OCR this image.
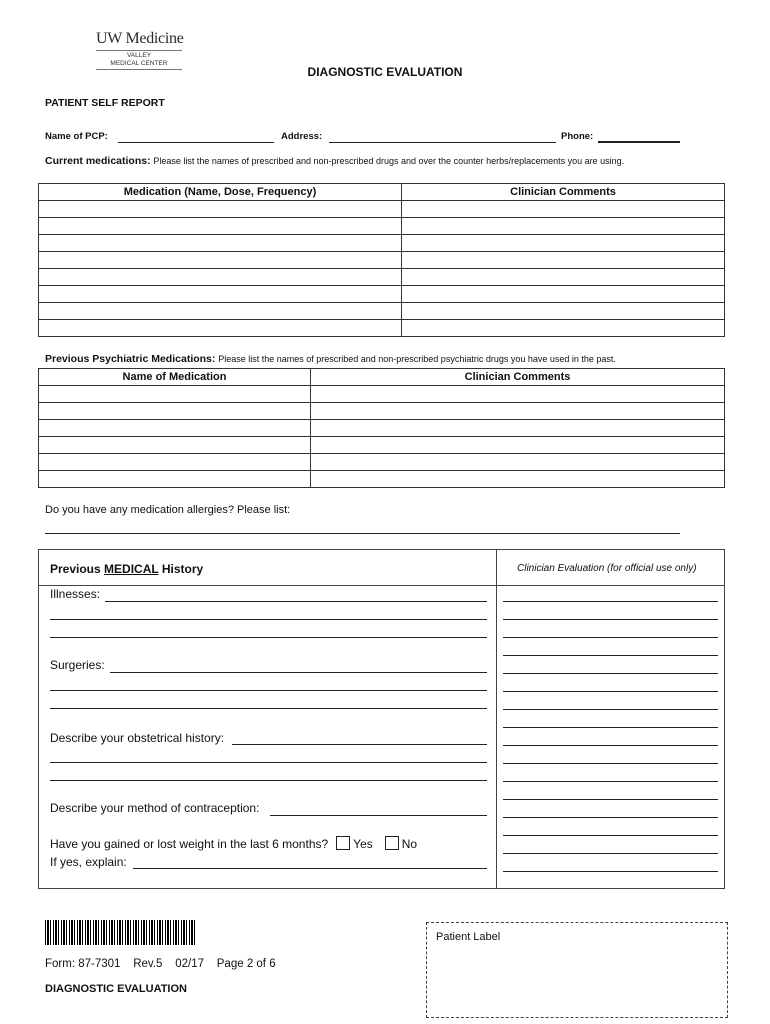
UW Medicine
VALLEY
MEDICAL CENTER
DIAGNOSTIC EVALUATION
PATIENT SELF REPORT
Name of PCP:	Address:	Phone:
Current medications: Please list the names of prescribed and non-prescribed drugs and over the counter herbs/replacements you are using.
Medication (Name, Dose, Frequency)	Clinician Comments

Previous Psychiatric Medications: Please list the names of prescribed and non-prescribed psychiatric drugs you have used in the past.
Name of Medication	Clinician Comments

Do you have any medication allergies? Please list:
Previous MEDICAL History	Clinician Evaluation (for official use only)
Illnesses:
Surgeries:
Describe your obstetrical history:
Describe your method of contraception:
Have you gained or lost weight in the last 6 months? Yes No
If yes, explain:
Form: 87-7301 Rev.5 02/17 Page 2 of 6
DIAGNOSTIC EVALUATION
Patient Label
